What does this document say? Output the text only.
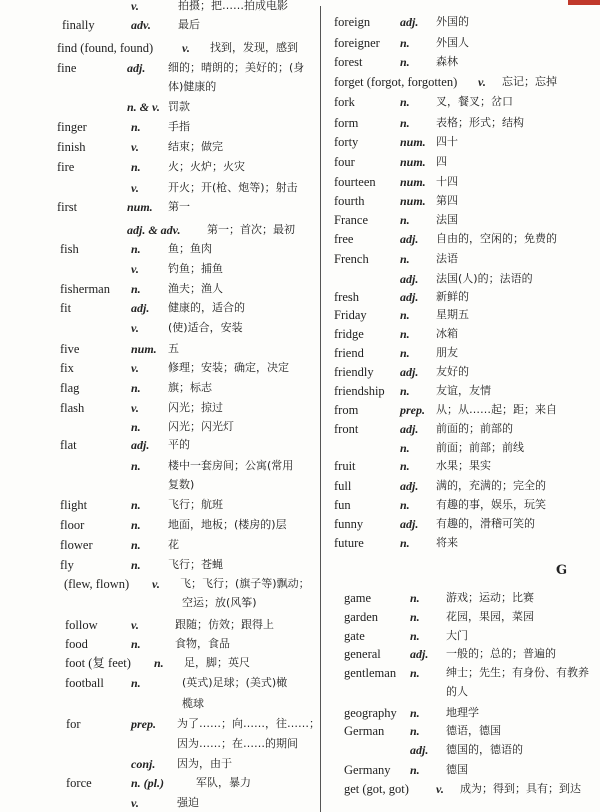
v.	拍摄；把……拍成电影
finally	adv. 最后
find (found, found) v. 找到，发现，感到
fine	adj. 细的；晴朗的；美好的；(身
体)健康的
n. & v. 罚款
finger	n. 手指
finish	v.	结束；做完
fire	n. 火；火炉；火灾
v.	开火；开(枪、炮等)；射击
first	num. 第一
adj. & adv. 第一；首次；最初
fish	n. 鱼；鱼肉
v.	钓鱼；捕鱼
fisherman n. 渔夫；渔人
fit	adj. 健康的，适合的
v.	(使)适合，安装
five	num. 五
fix	v.	修理；安装；确定，决定
flag	n. 旗；标志
flash	v.	闪光；掠过
n. 闪光；闪光灯
flat	adj. 平的
n. 楼中一套房间；公寓(常用
复数)
flight	n. 飞行；航班
floor	n. 地面，地板；(楼房的)层
flower	n. 花
fly	n. 飞行；苍蝇
(flew, flown) v. 飞；飞行；(旗子等)飘动；
空运；放(风筝)
follow	v.	跟随；仿效；跟得上
food	n.	食物，食品
foot (复 feet) n. 足，脚；英尺
football n.	(英式)足球；(美式)橄
榄球
for	prep. 为了……；向……，往……；
因为……；在……的期间
conj. 因为，由于
force	n. (pl.)	军队，暴力
v.	强迫
foreign adj. 外国的
foreigner n. 外国人
forest	n. 森林
forget (forgot, forgotten) v. 忘记；忘掉
fork	n. 叉，餐叉；岔口
form	n. 表格；形式；结构
forty	num. 四十
four	num. 四
fourteen num. 十四
fourth	num. 第四
France	n. 法国
free	adj. 自由的，空闲的；免费的
French	n. 法语
adj. 法国(人)的；法语的
fresh	adj. 新鲜的
Friday	n. 星期五
fridge	n. 冰箱
friend	n. 朋友
friendly adj. 友好的
friendship n. 友谊，友情
from	prep. 从；从……起；距；来自
front	adj. 前面的；前部的
n. 前面；前部；前线
fruit	n. 水果；果实
full	adj. 满的，充满的；完全的
fun	n. 有趣的事，娱乐，玩笑
funny	adj. 有趣的，滑稽可笑的
future	n. 将来
G
game	n. 游戏；运动；比赛
garden	n. 花园，果园，菜园
gate	n. 大门
general adj. 一般的；总的；普遍的
gentleman n. 绅士；先生；有身份、有教养
的人
geography n. 地理学
German n. 德语，德国
adj. 德国的，德语的
Germany n. 德国
get (got, got) v. 成为；得到；具有；到达
